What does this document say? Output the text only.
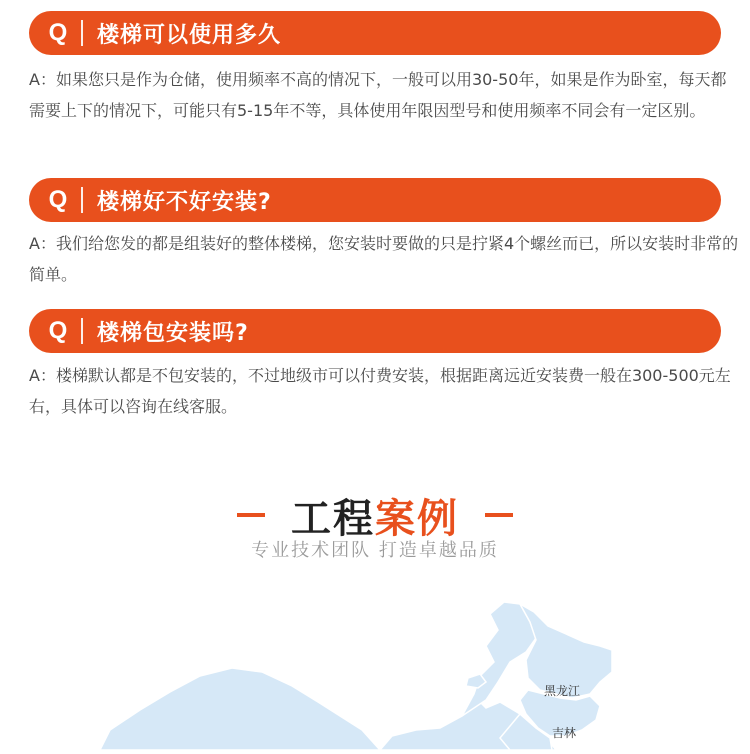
Q	楼梯可以使用多久
A：如果您只是作为仓储，使用频率不高的情况下，一般可以用30-50年，如果是作为卧室，每天都需要上下的情况下，可能只有5-15年不等，具体使用年限因型号和使用频率不同会有一定区别。
Q	楼梯好不好安装?
A：我们给您发的都是组装好的整体楼梯，您安装时要做的只是拧紧4个螺丝而已，所以安装时非常的简单。
Q	楼梯包安装吗?
A：楼梯默认都是不包安装的，不过地级市可以付费安装，根据距离远近安装费一般在300-500元左右，具体可以咨询在线客服。
工程 案例
专业技术团队 打造卓越品质
黑龙江
吉林
